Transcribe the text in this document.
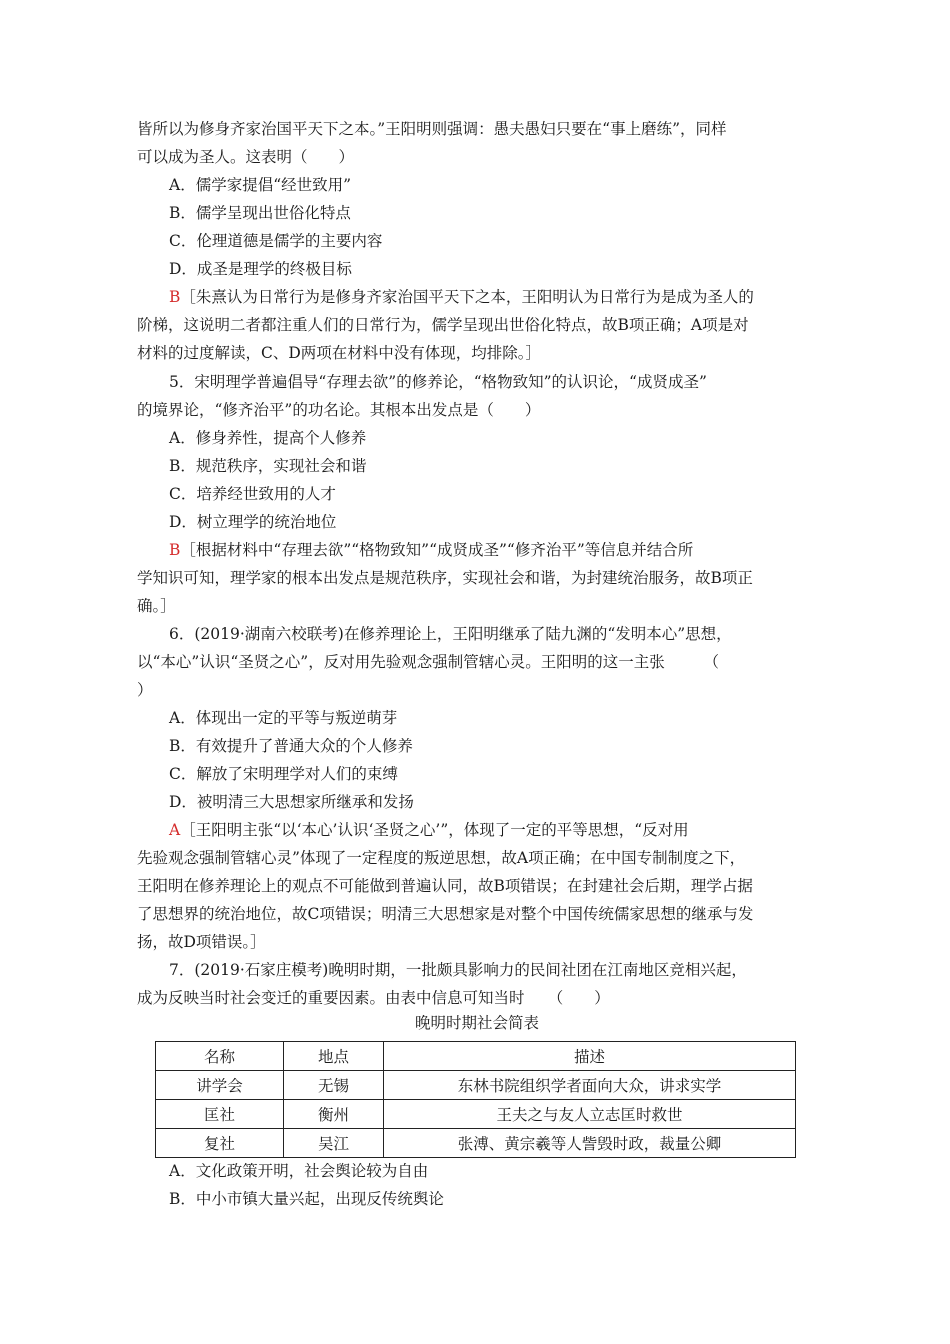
皆所以为修身齐家治国平天下之本。”王阳明则强调：愚夫愚妇只要在“事上磨练”，同样
可以成为圣人。这表明（　　）
A．儒学家提倡“经世致用”
B．儒学呈现出世俗化特点
C．伦理道德是儒学的主要内容
D．成圣是理学的终极目标
B［朱熹认为日常行为是修身齐家治国平天下之本，王阳明认为日常行为是成为圣人的
阶梯，这说明二者都注重人们的日常行为，儒学呈现出世俗化特点，故B项正确；A项是对
材料的过度解读，C、D两项在材料中没有体现，均排除。］
5．宋明理学普遍倡导“存理去欲”的修养论，“格物致知”的认识论，“成贤成圣”
的境界论，“修齐治平”的功名论。其根本出发点是（　　）
A．修身养性，提高个人修养
B．规范秩序，实现社会和谐
C．培养经世致用的人才
D．树立理学的统治地位
B［根据材料中“存理去欲”“格物致知”“成贤成圣”“修齐治平”等信息并结合所
学知识可知，理学家的根本出发点是规范秩序，实现社会和谐，为封建统治服务，故B项正
确。］
6．(2019·湖南六校联考)在修养理论上，王阳明继承了陆九渊的“发明本心”思想，
以“本心”认识“圣贤之心”，反对用先验观念强制管辖心灵。王阳明的这一主张　　　（
）
A．体现出一定的平等与叛逆萌芽
B．有效提升了普通大众的个人修养
C．解放了宋明理学对人们的束缚
D．被明清三大思想家所继承和发扬
A［王阳明主张“以‘本心’认识‘圣贤之心’”，体现了一定的平等思想，“反对用
先验观念强制管辖心灵”体现了一定程度的叛逆思想，故A项正确；在中国专制制度之下，
王阳明在修养理论上的观点不可能做到普遍认同，故B项错误；在封建社会后期，理学占据
了思想界的统治地位，故C项错误；明清三大思想家是对整个中国传统儒家思想的继承与发
扬，故D项错误。］
7．(2019·石家庄模考)晚明时期，一批颇具影响力的民间社团在江南地区竞相兴起，
成为反映当时社会变迁的重要因素。由表中信息可知当时　　（　　）
晚明时期社会简表
名称	地点	描述
讲学会	无锡	东林书院组织学者面向大众，讲求实学
匡社	衡州	王夫之与友人立志匡时救世
复社	吴江	张溥、黄宗羲等人訾毁时政，裁量公卿
A．文化政策开明，社会舆论较为自由
B．中小市镇大量兴起，出现反传统舆论
